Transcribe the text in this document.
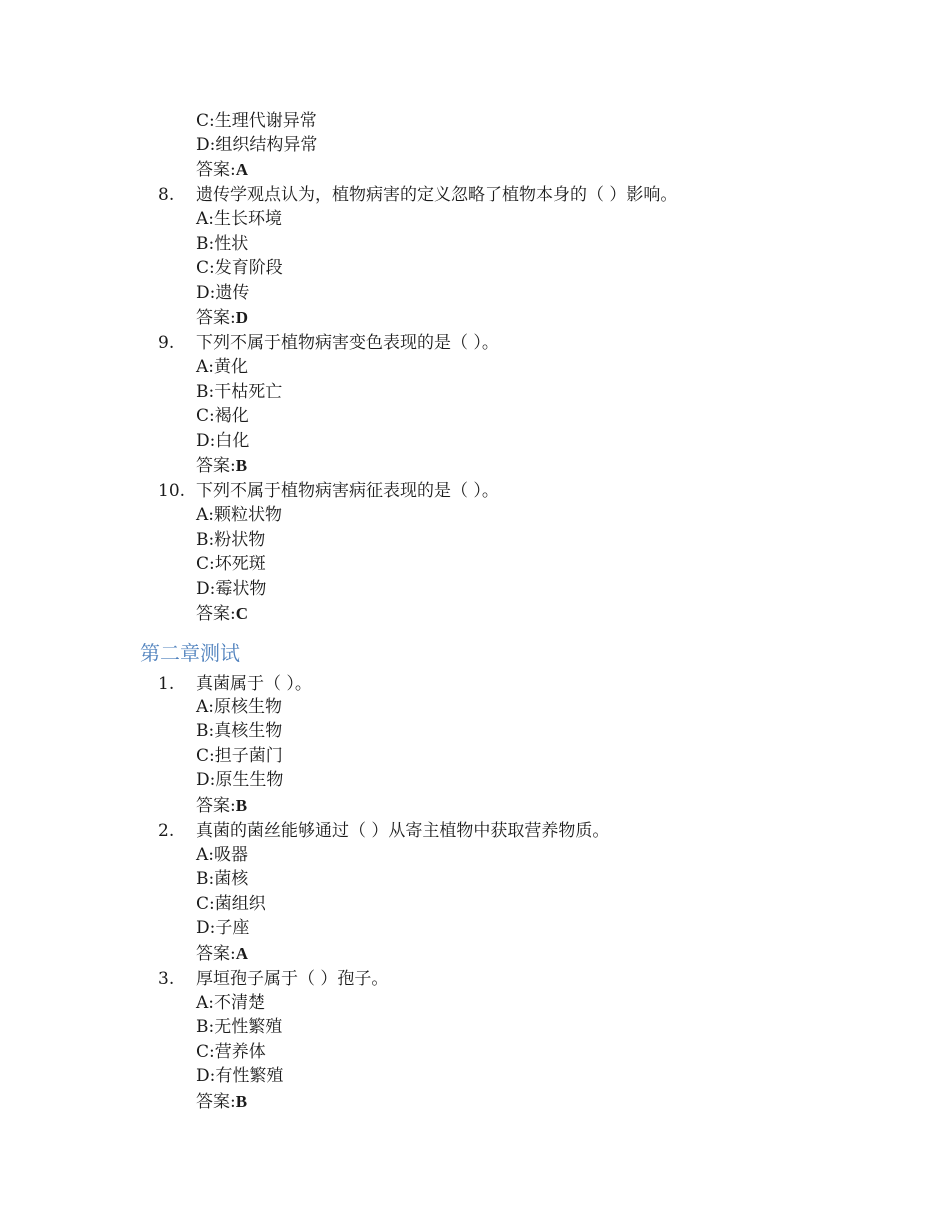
C:生理代谢异常
D:组织结构异常
答案:A
8.	遗传学观点认为，植物病害的定义忽略了植物本身的（ ）影响。
A:生长环境
B:性状
C:发育阶段
D:遗传
答案:D
9.	下列不属于植物病害变色表现的是（ ）。
A:黄化
B:干枯死亡
C:褐化
D:白化
答案:B
10. 下列不属于植物病害病征表现的是（ ）。
A:颗粒状物
B:粉状物
C:坏死斑
D:霉状物
答案:C
第二章测试
1.	真菌属于（ ）。
A:原核生物
B:真核生物
C:担子菌门
D:原生生物
答案:B
2.	真菌的菌丝能够通过（ ）从寄主植物中获取营养物质。
A:吸器
B:菌核
C:菌组织
D:子座
答案:A
3.	厚垣孢子属于（ ）孢子。
A:不清楚
B:无性繁殖
C:营养体
D:有性繁殖
答案:B
